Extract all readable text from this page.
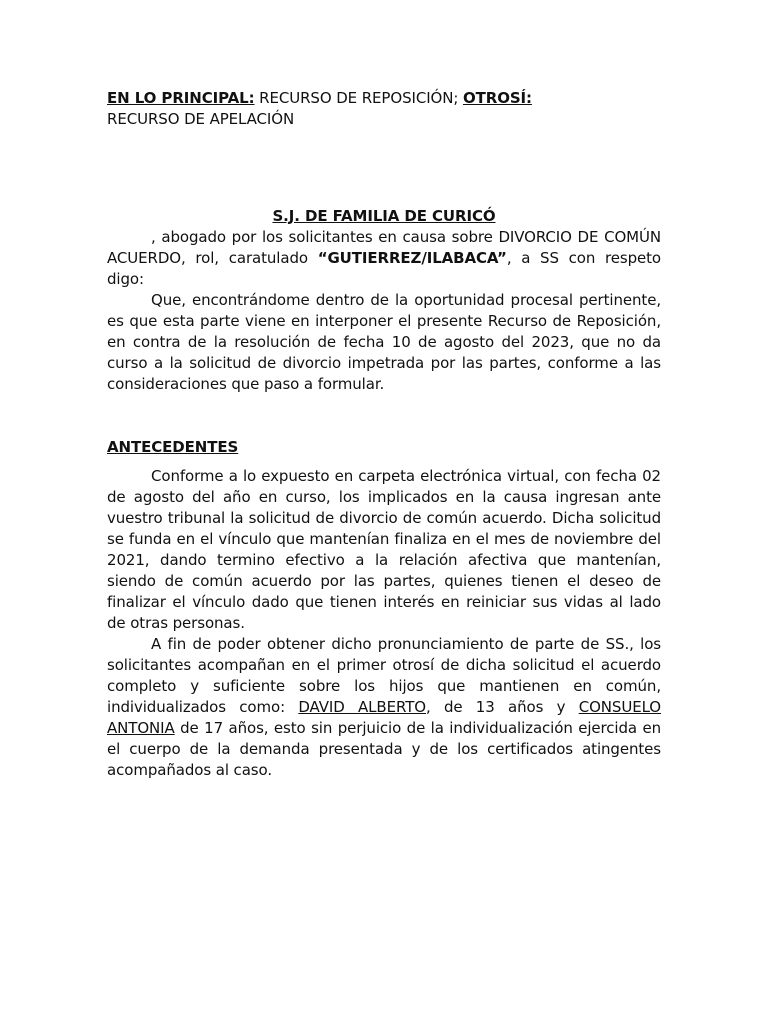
EN LO PRINCIPAL: RECURSO DE REPOSICIÓN; OTROSÍ:
RECURSO DE APELACIÓN
S.J. DE FAMILIA DE CURICÓ

, abogado por los solicitantes en causa sobre DIVORCIO DE COMÚN ACUERDO, rol, caratulado “GUTIERREZ/ILABACA”, a SS con respeto digo:

Que, encontrándome dentro de la oportunidad procesal pertinente, es que esta parte viene en interponer el presente Recurso de Reposición, en contra de la resolución de fecha 10 de agosto del 2023, que no da curso a la solicitud de divorcio impetrada por las partes, conforme a las consideraciones que paso a formular.

ANTECEDENTES

Conforme a lo expuesto en carpeta electrónica virtual, con fecha 02 de agosto del año en curso, los implicados en la causa ingresan ante vuestro tribunal la solicitud de divorcio de común acuerdo. Dicha solicitud se funda en el vínculo que mantenían finaliza en el mes de noviembre del 2021, dando termino efectivo a la relación afectiva que mantenían, siendo de común acuerdo por las partes, quienes tienen el deseo de finalizar el vínculo dado que tienen interés en reiniciar sus vidas al lado de otras personas.

A fin de poder obtener dicho pronunciamiento de parte de SS., los solicitantes acompañan en el primer otrosí de dicha solicitud el acuerdo completo y suficiente sobre los hijos que mantienen en común, individualizados como: DAVID ALBERTO, de 13 años y CONSUELO ANTONIA de 17 años, esto sin perjuicio de la individualización ejercida en el cuerpo de la demanda presentada y de los certificados atingentes acompañados al caso.
